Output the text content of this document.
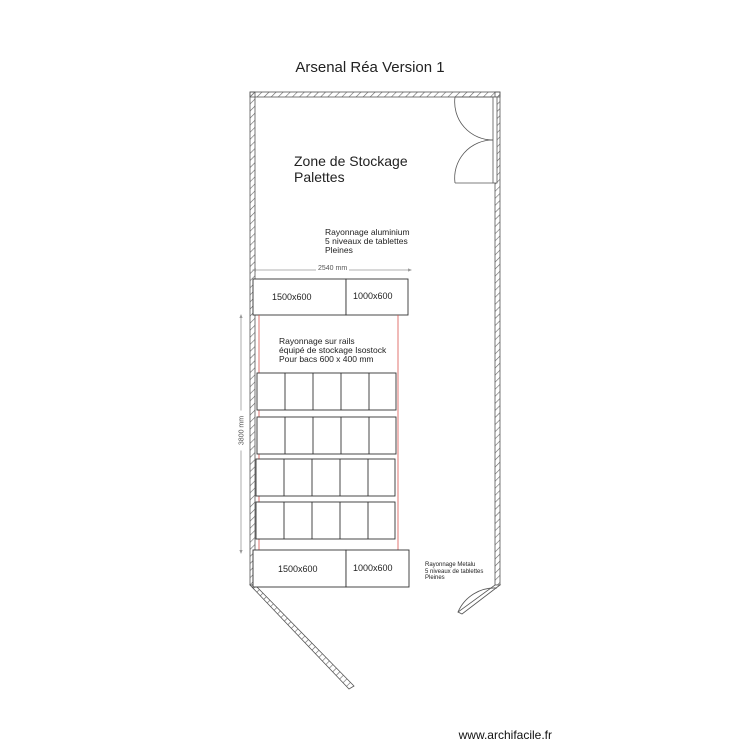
Arsenal Réa Version 1
Zone de Stockage
Palettes
Rayonnage aluminium
5 niveaux de tablettes
Pleines
2540 mm
3800 mm
1500x600	1000x600
Rayonnage sur rails
équipé de stockage Isostock
Pour bacs 600 x 400 mm
1500x600	1000x600	Rayonnage Metalu
5 niveaux de tablettes
Pleines
www.archifacile.fr
